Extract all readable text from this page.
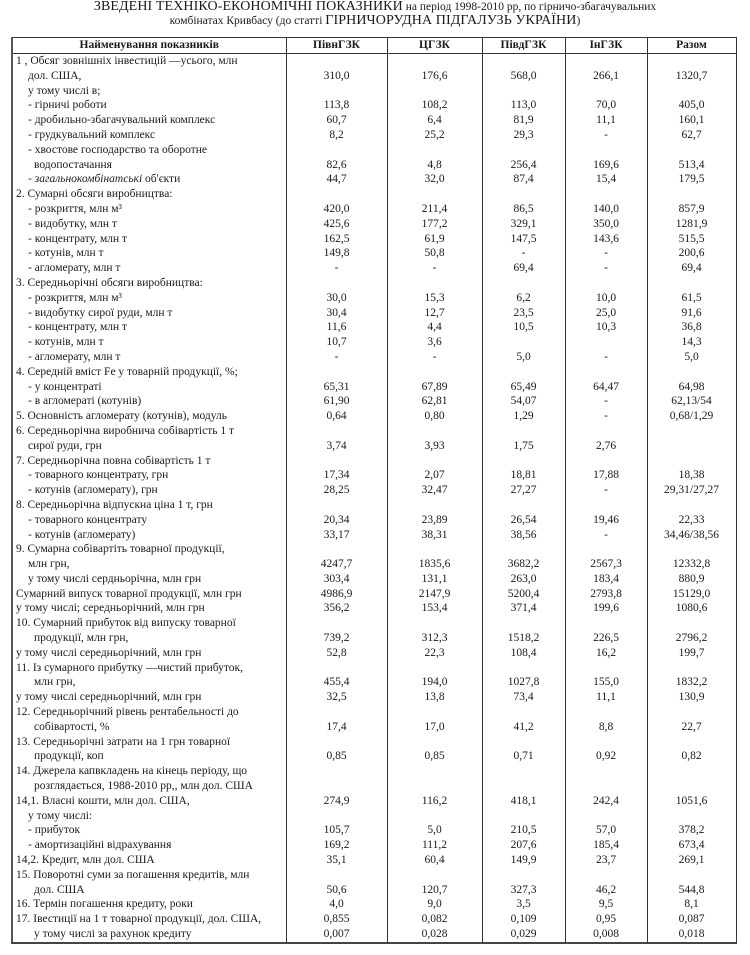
ЗВЕДЕНІ ТЕХНІКО-ЕКОНОМІЧНІ ПОКАЗНИКИ на період 1998-2010 рр, по гірничо-збагачувальних
комбінатах Кривбасу (до статті ГІРНИЧОРУДНА ПІДГАЛУЗЬ УКРАЇНИ)
Найменування показників	ПівнГЗК	ЦГЗК	ПівдГЗК	ІнГЗК	Разом

1 , Обсяг зовнішніх інвестицій —усього, млн
дол. США,	310,0	176,6	568,0	266,1	1320,7

у тому числі в;					

- гірничі роботи	113,8	108,2	113,0	70,0	405,0

- дробильно-збагачувальний комплекс	60,7	6,4	81,9	11,1	160,1

- грудкувальний комплекс	8,2	25,2	29,3	-	62,7

- хвостове господарство та оборотне
водопостачання	82,6	4,8	256,4	169,6	513,4

- загальнокомбінатські об'єкти	44,7	32,0	87,4	15,4	179,5

2. Сумарні обсяги виробництва:					

- розкриття, млн м³	420,0	211,4	86,5	140,0	857,9

- видобутку, млн т	425,6	177,2	329,1	350,0	1281,9

- концентрату, млн т	162,5	61,9	147,5	143,6	515,5

- котунів, млн т	149,8	50,8	-	-	200,6

- агломерату, млн т	-	-	69,4	-	69,4

3. Середньорічні обсяги виробництва:					

- розкриття, млн м³	30,0	15,3	6,2	10,0	61,5

- видобутку сирої руди, млн т	30,4	12,7	23,5	25,0	91,6

- концентрату, млн т	11,6	4,4	10,5	10,3	36,8

- котунів, млн т	10,7	3,6			14,3

- агломерату, млн т	-	-	5,0	-	5,0

4. Середній вміст Fe у товарній продукції, %;					

- у концентраті	65,31	67,89	65,49	64,47	64,98

- в агломераті (котунів)	61,90	62,81	54,07	-	62,13/54

5. Основність агломерату (котунів), модуль	0,64	0,80	1,29	-	0,68/1,29

6. Середньорічна виробнича собівартість 1 т
сирої руди, грн	3,74	3,93	1,75	2,76	

7. Середньорічна повна собівартість 1 т					

- товарного концентрату, грн	17,34	2,07	18,81	17,88	18,38

- котунів (агломерату), грн	28,25	32,47	27,27	-	29,31/27,27

8. Середньорічна відпускна ціна 1 т, грн					

- товарного концентрату	20,34	23,89	26,54	19,46	22,33

- котунів (агломерату)	33,17	38,31	38,56	-	34,46/38,56

9. Сумарна собівартіть товарної продукції,
млн грн,	4247,7	1835,6	3682,2	2567,3	12332,8

у тому числі сердньорічна, млн грн	303,4	131,1	263,0	183,4	880,9

Сумарний випуск товарної продукції, млн грн	4986,9	2147,9	5200,4	2793,8	15129,0

у тому числі; середньорічний, млн грн	356,2	153,4	371,4	199,6	1080,6

10. Сумарний прибуток від випуску товарної
продукції, млн грн,	739,2	312,3	1518,2	226,5	2796,2

у тому числі середньорічний, млн грн	52,8	22,3	108,4	16,2	199,7

11. Із сумарного прибутку —чистий прибуток,
млн грн,	455,4	194,0	1027,8	155,0	1832,2

у тому числі середньорічний, млн грн	32,5	13,8	73,4	11,1	130,9

12. Середньорічний рівень рентабельності до
собівартості, %	17,4	17,0	41,2	8,8	22,7

13. Середньорічні затрати на 1 грн товарної
продукції, коп	0,85	0,85	0,71	0,92	0,82

14. Джерела капвкладень на кінець періоду, що
розглядається, 1988-2010 рр,, млн дол. США					

14,1. Власні кошти, млн дол. США,	274,9	116,2	418,1	242,4	1051,6

у тому числі:					

- прибуток	105,7	5,0	210,5	57,0	378,2

- амортизаційні відрахування	169,2	111,2	207,6	185,4	673,4

14,2. Кредит, млн дол. США	35,1	60,4	149,9	23,7	269,1

15. Поворотні суми за погашення кредитів, млн
дол. США	50,6	120,7	327,3	46,2	544,8

16. Термін погашення кредиту, роки	4,0	9,0	3,5	9,5	8,1

17. Івестиції на 1 т товарної продукції, дол. США,	0,855	0,082	0,109	0,95	0,087

у тому числі за рахунок кредиту	0,007	0,028	0,029	0,008	0,018
